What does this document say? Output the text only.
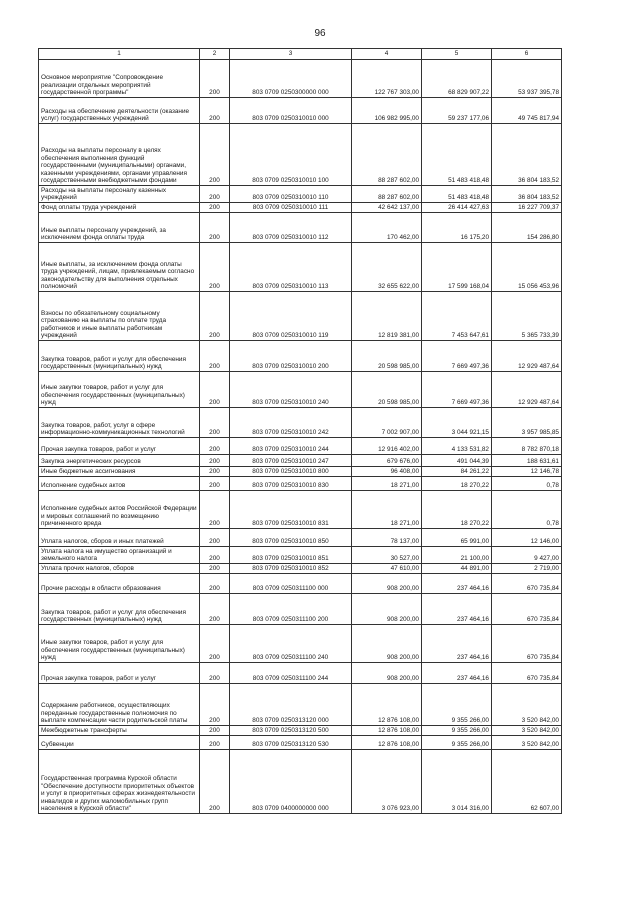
96
1	2	3	4	5	6
Основное мероприятие "Сопровождение реализации отдельных мероприятий государственной программы"	200	803 0709 0250300000 000	122 767 303,00	68 829 907,22	53 937 395,78
Расходы на обеспечение деятельности (оказание услуг) государственных учреждений	200	803 0709 0250310010 000	106 982 995,00	59 237 177,06	49 745 817,94
Расходы на выплаты персоналу в целях обеспечения выполнения функций государственными (муниципальными) органами, казенными учреждениями, органами управления государственными внебюджетными фондами	200	803 0709 0250310010 100	88 287 602,00	51 483 418,48	36 804 183,52
Расходы на выплаты персоналу казенных учреждений	200	803 0709 0250310010 110	88 287 602,00	51 483 418,48	36 804 183,52
Фонд оплаты труда учреждений	200	803 0709 0250310010 111	42 642 137,00	26 414 427,63	16 227 709,37
Иные выплаты персоналу учреждений, за исключением фонда оплаты труда	200	803 0709 0250310010 112	170 462,00	16 175,20	154 286,80
Иные выплаты, за исключением фонда оплаты труда учреждений, лицам, привлекаемым согласно законодательству для выполнения отдельных полномочий	200	803 0709 0250310010 113	32 655 622,00	17 599 168,04	15 056 453,96
Взносы по обязательному социальному страхованию на выплаты по оплате труда работников и иные выплаты работникам учреждений	200	803 0709 0250310010 119	12 819 381,00	7 453 647,61	5 365 733,39
Закупка товаров, работ и услуг для обеспечения государственных (муниципальных) нужд	200	803 0709 0250310010 200	20 598 985,00	7 669 497,36	12 929 487,64
Иные закупки товаров, работ и услуг для обеспечения государственных (муниципальных) нужд	200	803 0709 0250310010 240	20 598 985,00	7 669 497,36	12 929 487,64
Закупка товаров, работ, услуг в сфере информационно-коммуникационных технологий	200	803 0709 0250310010 242	7 002 907,00	3 044 921,15	3 957 985,85
Прочая закупка товаров, работ и услуг	200	803 0709 0250310010 244	12 916 402,00	4 133 531,82	8 782 870,18
Закупка энергетических ресурсов	200	803 0709 0250310010 247	679 676,00	491 044,39	188 631,61
Иные бюджетные ассигнования	200	803 0709 0250310010 800	96 408,00	84 261,22	12 146,78
Исполнение судебных актов	200	803 0709 0250310010 830	18 271,00	18 270,22	0,78
Исполнение судебных актов Российской Федерации и мировых соглашений по возмещению причиненного вреда	200	803 0709 0250310010 831	18 271,00	18 270,22	0,78
Уплата налогов, сборов и иных платежей	200	803 0709 0250310010 850	78 137,00	65 991,00	12 146,00
Уплата налога на имущество организаций и земельного налога	200	803 0709 0250310010 851	30 527,00	21 100,00	9 427,00
Уплата прочих налогов, сборов	200	803 0709 0250310010 852	47 610,00	44 891,00	2 719,00
Прочие расходы в области образования	200	803 0709 0250311100 000	908 200,00	237 464,16	670 735,84
Закупка товаров, работ и услуг для обеспечения государственных (муниципальных) нужд	200	803 0709 0250311100 200	908 200,00	237 464,16	670 735,84
Иные закупки товаров, работ и услуг для обеспечения государственных (муниципальных) нужд	200	803 0709 0250311100 240	908 200,00	237 464,16	670 735,84
Прочая закупка товаров, работ и услуг	200	803 0709 0250311100 244	908 200,00	237 464,16	670 735,84
Содержание работников, осуществляющих переданные государственные полномочия по выплате компенсации части родительской платы	200	803 0709 0250313120 000	12 876 108,00	9 355 266,00	3 520 842,00
Межбюджетные трансферты	200	803 0709 0250313120 500	12 876 108,00	9 355 266,00	3 520 842,00
Субвенции	200	803 0709 0250313120 530	12 876 108,00	9 355 266,00	3 520 842,00
Государственная программа Курской области "Обеспечение доступности приоритетных объектов и услуг в приоритетных сферах жизнедеятельности инвалидов и других маломобильных групп населения в Курской области"	200	803 0709 0400000000 000	3 076 923,00	3 014 316,00	62 607,00
